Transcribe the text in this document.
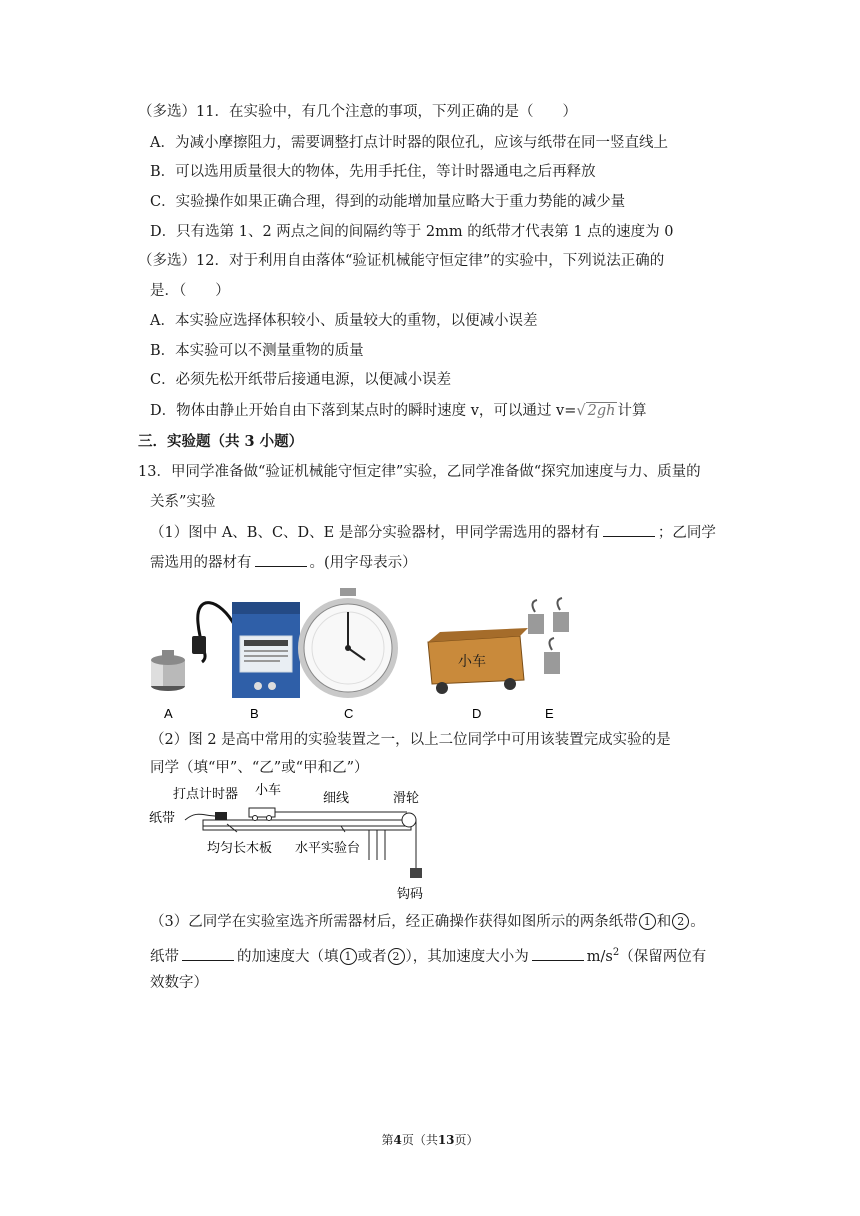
（多选）11．在实验中，有几个注意的事项，下列正确的是（　　）
A．为减小摩擦阻力，需要调整打点计时器的限位孔，应该与纸带在同一竖直线上
B．可以选用质量很大的物体，先用手托住，等计时器通电之后再释放
C．实验操作如果正确合理，得到的动能增加量应略大于重力势能的减少量
D．只有选第 1、2 两点之间的间隔约等于 2mm 的纸带才代表第 1 点的速度为 0
（多选）12．对于利用自由落体“验证机械能守恒定律”的实验中，下列说法正确的
是．（　　）
A．本实验应选择体积较小、质量较大的重物，以便减小误差
B．本实验可以不测量重物的质量
C．必须先松开纸带后接通电源，以便减小误差
D．物体由静止开始自由下落到某点时的瞬时速度 v，可以通过 v=√ 2gh 计算
三．实验题（共 3 小题）
13．甲同学准备做“验证机械能守恒定律”实验，乙同学准备做“探究加速度与力、质量的
关系”实验
（1）图中 A、B、C、D、E 是部分实验器材，甲同学需选用的器材有	；乙同学
需选用的器材有	。(用字母表示）
小车
A	B	C	D	E
（2）图 2 是高中常用的实验装置之一，以上二位同学中可用该装置完成实验的是
同学（填“甲”、“乙”或“甲和乙”）
打点计时器 小车
细线	滑轮
纸带
均匀长木板 水平实验台
钩码
（3）乙同学在实验室选齐所需器材后，经正确操作获得如图所示的两条纸带 1 和 2 。
纸带	的加速度大（填 1 或者 2 ），其加速度大小为	$m/s^2$（保留两位有
效数字）
第4页（共13页）
